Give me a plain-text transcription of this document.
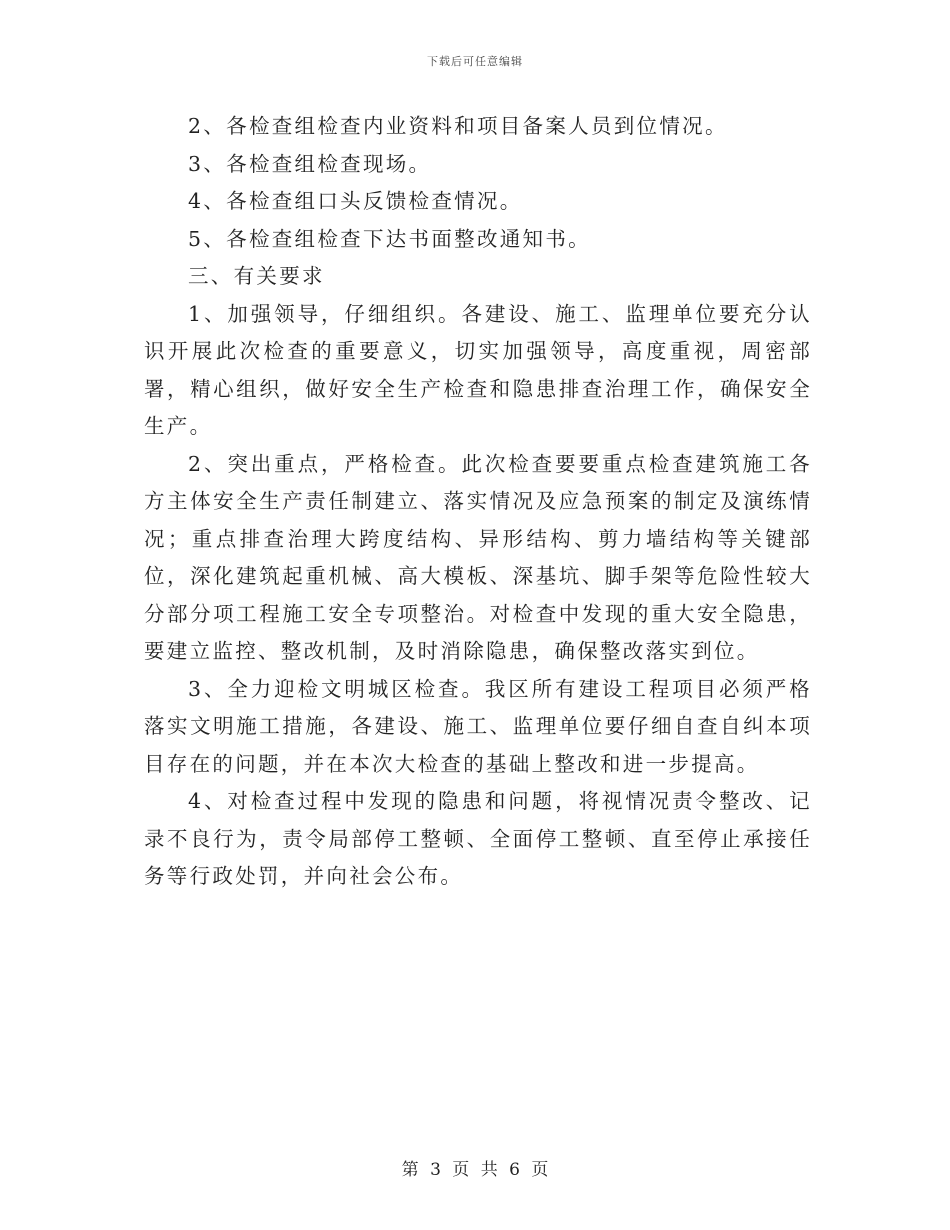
下载后可任意编辑

2、各检查组检查内业资料和项目备案人员到位情况。

3、各检查组检查现场。

4、各检查组口头反馈检查情况。

5、各检查组检查下达书面整改通知书。

三、有关要求

1、加强领导，仔细组织。各建设、施工、监理单位要充分认识开展此次检查的重要意义，切实加强领导，高度重视，周密部署，精心组织，做好安全生产检查和隐患排查治理工作，确保安全生产。

2、突出重点，严格检查。此次检查要要重点检查建筑施工各方主体安全生产责任制建立、落实情况及应急预案的制定及演练情况；重点排查治理大跨度结构、异形结构、剪力墙结构等关键部位，深化建筑起重机械、高大模板、深基坑、脚手架等危险性较大分部分项工程施工安全专项整治。对检查中发现的重大安全隐患，要建立监控、整改机制，及时消除隐患，确保整改落实到位。

3、全力迎检文明城区检查。我区所有建设工程项目必须严格落实文明施工措施，各建设、施工、监理单位要仔细自查自纠本项目存在的问题，并在本次大检查的基础上整改和进一步提高。

4、对检查过程中发现的隐患和问题，将视情况责令整改、记录不良行为，责令局部停工整顿、全面停工整顿、直至停止承接任务等行政处罚，并向社会公布。

第 3 页 共 6 页
